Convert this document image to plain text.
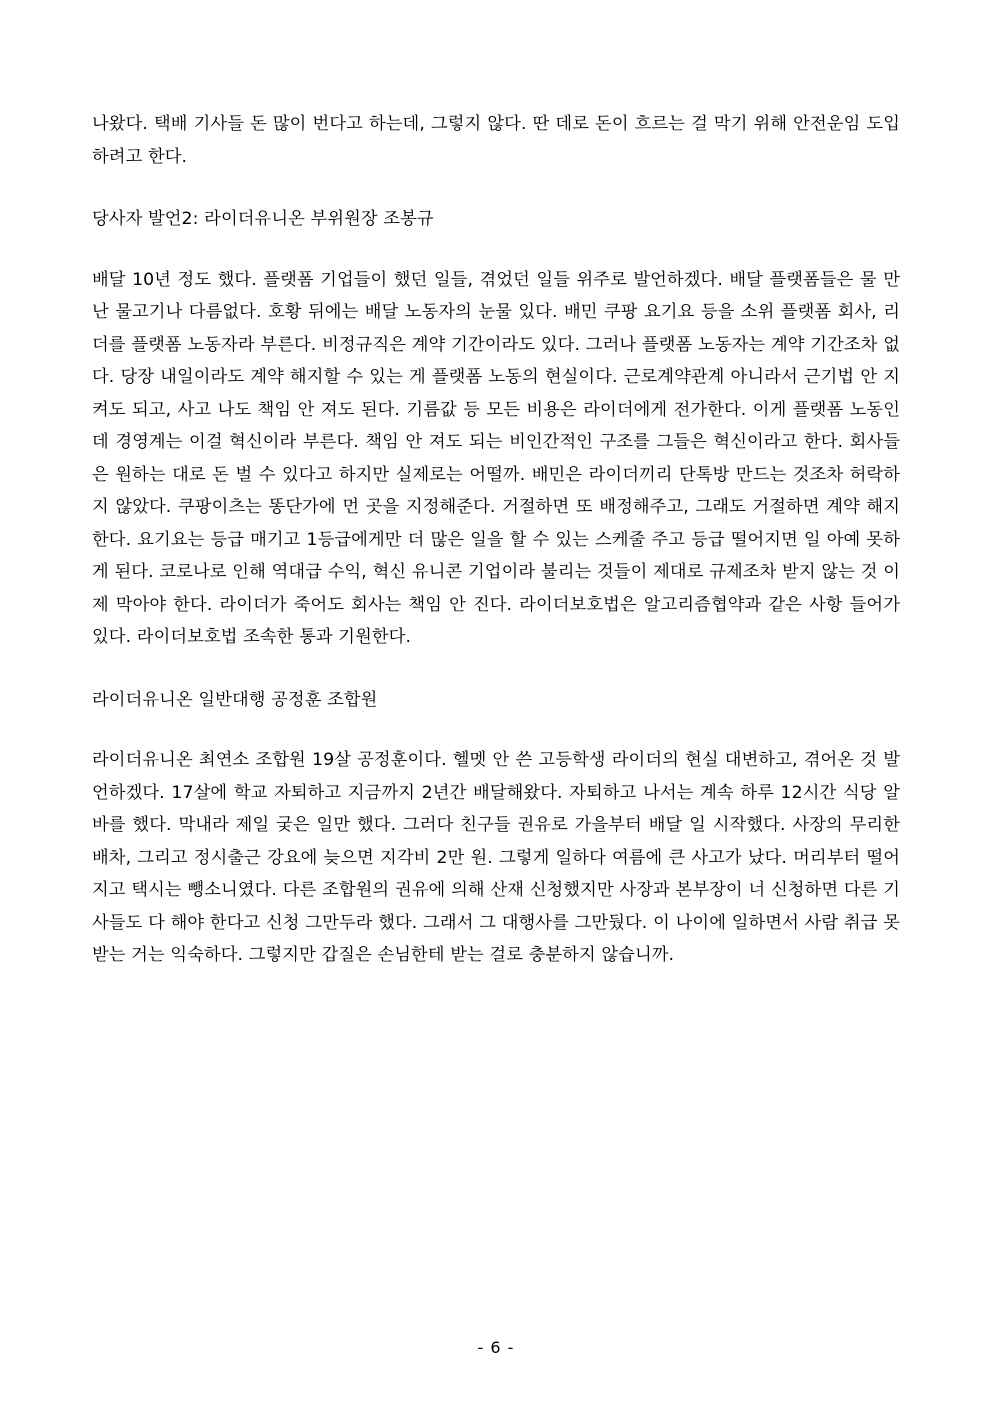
나왔다. 택배 기사들 돈 많이 번다고 하는데, 그렇지 않다. 딴 데로 돈이 흐르는 걸 막기 위해 안전운임 도입하려고 한다.

당사자 발언2: 라이더유니온 부위원장 조봉규

배달 10년 정도 했다. 플랫폼 기업들이 했던 일들, 겪었던 일들 위주로 발언하겠다. 배달 플랫폼들은 물 만난 물고기나 다름없다. 호황 뒤에는 배달 노동자의 눈물 있다. 배민 쿠팡 요기요 등을 소위 플랫폼 회사, 리더를 플랫폼 노동자라 부른다. 비정규직은 계약 기간이라도 있다. 그러나 플랫폼 노동자는 계약 기간조차 없다. 당장 내일이라도 계약 해지할 수 있는 게 플랫폼 노동의 현실이다. 근로계약관계 아니라서 근기법 안 지켜도 되고, 사고 나도 책임 안 져도 된다. 기름값 등 모든 비용은 라이더에게 전가한다. 이게 플랫폼 노동인데 경영계는 이걸 혁신이라 부른다. 책임 안 져도 되는 비인간적인 구조를 그들은 혁신이라고 한다. 회사들은 원하는 대로 돈 벌 수 있다고 하지만 실제로는 어떨까. 배민은 라이더끼리 단톡방 만드는 것조차 허락하지 않았다. 쿠팡이츠는 똥단가에 먼 곳을 지정해준다. 거절하면 또 배정해주고, 그래도 거절하면 계약 해지한다. 요기요는 등급 매기고 1등급에게만 더 많은 일을 할 수 있는 스케줄 주고 등급 떨어지면 일 아예 못하게 된다. 코로나로 인해 역대급 수익, 혁신 유니콘 기업이라 불리는 것들이 제대로 규제조차 받지 않는 것 이제 막아야 한다. 라이더가 죽어도 회사는 책임 안 진다. 라이더보호법은 알고리즘협약과 같은 사항 들어가 있다. 라이더보호법 조속한 통과 기원한다.

라이더유니온 일반대행 공정훈 조합원

라이더유니온 최연소 조합원 19살 공정훈이다. 헬멧 안 쓴 고등학생 라이더의 현실 대변하고, 겪어온 것 발언하겠다. 17살에 학교 자퇴하고 지금까지 2년간 배달해왔다. 자퇴하고 나서는 계속 하루 12시간 식당 알바를 했다. 막내라 제일 궂은 일만 했다. 그러다 친구들 권유로 가을부터 배달 일 시작했다. 사장의 무리한 배차, 그리고 정시출근 강요에 늦으면 지각비 2만 원. 그렇게 일하다 여름에 큰 사고가 났다. 머리부터 떨어지고 택시는 뺑소니였다. 다른 조합원의 권유에 의해 산재 신청했지만 사장과 본부장이 너 신청하면 다른 기사들도 다 해야 한다고 신청 그만두라 했다. 그래서 그 대행사를 그만뒀다. 이 나이에 일하면서 사람 취급 못 받는 거는 익숙하다. 그렇지만 갑질은 손님한테 받는 걸로 충분하지 않습니까.

- 6 -
